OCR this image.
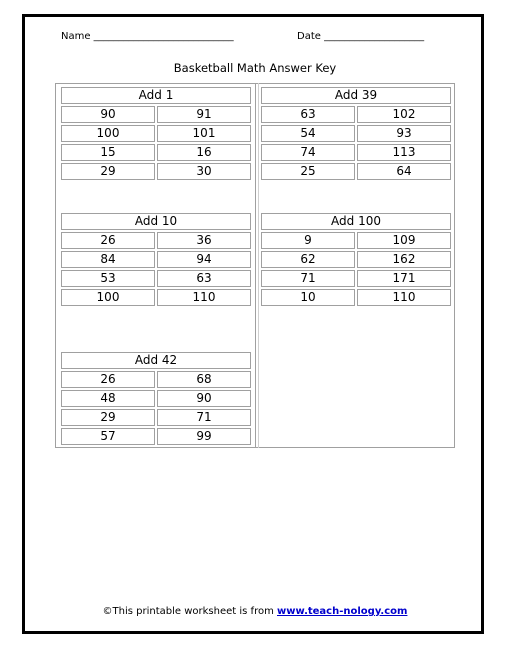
Name ____________________________	Date ____________________
Basketball Math Answer Key
Add 1
90	91
100	101
15	16
29	30
Add 39
63	102
54	93
74	113
25	64
Add 10
26	36
84	94
53	63
100	110
Add 100
9	109
62	162
71	171
10	110
Add 42
26	68
48	90
29	71
57	99
©This printable worksheet is from www.teach-nology.com
